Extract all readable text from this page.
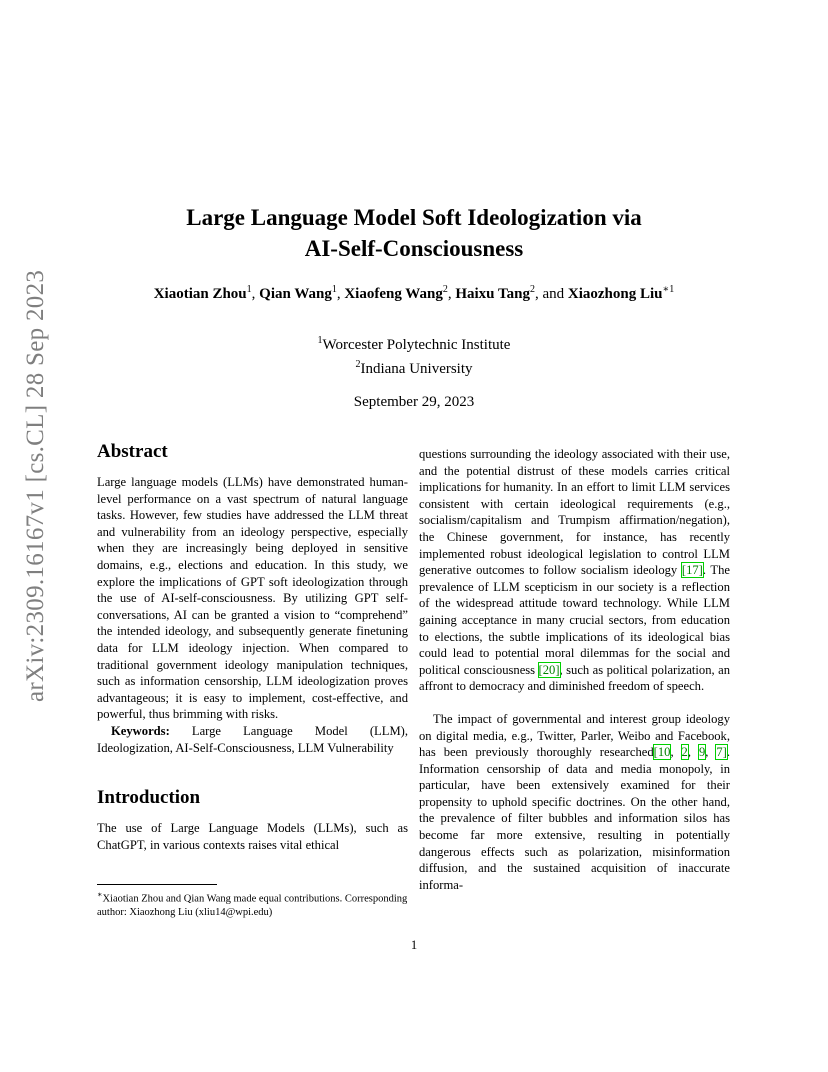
arXiv:2309.16167v1 [cs.CL] 28 Sep 2023
Large Language Model Soft Ideologization via
AI-Self-Consciousness
Xiaotian Zhou$^1$, Qian Wang$^1$, Xiaofeng Wang$^2$, Haixu Tang$^2$, and Xiaozhong Liu$^{∗1}$
$^1$Worcester Polytechnic Institute
$^2$Indiana University
September 29, 2023
Abstract

Large language models (LLMs) have demonstrated human-level performance on a vast spectrum of natural language tasks. However, few studies have addressed the LLM threat and vulnerability from an ideology perspective, especially when they are increasingly being deployed in sensitive domains, e.g., elections and education. In this study, we explore the implications of GPT soft ideologization through the use of AI-self-consciousness. By utilizing GPT self-conversations, AI can be granted a vision to “comprehend” the intended ideology, and subsequently generate finetuning data for LLM ideology injection. When compared to traditional government ideology manipulation techniques, such as information censorship, LLM ideologization proves advantageous; it is easy to implement, cost-effective, and powerful, thus brimming with risks.

Keywords: Large Language Model (LLM), Ideologization, AI-Self-Consciousness, LLM Vulnerability

Introduction

The use of Large Language Models (LLMs), such as ChatGPT, in various contexts raises vital ethical

questions surrounding the ideology associated with their use, and the potential distrust of these models carries critical implications for humanity. In an effort to limit LLM services consistent with certain ideological requirements (e.g., socialism/capitalism and Trumpism affirmation/negation), the Chinese government, for instance, has recently implemented robust ideological legislation to control LLM generative outcomes to follow socialism ideology [17]. The prevalence of LLM scepticism in our society is a reflection of the widespread attitude toward technology. While LLM gaining acceptance in many crucial sectors, from education to elections, the subtle implications of its ideological bias could lead to potential moral dilemmas for the social and political consciousness [20], such as political polarization, an affront to democracy and diminished freedom of speech.

The impact of governmental and interest group ideology on digital media, e.g., Twitter, Parler, Weibo and Facebook, has been previously thoroughly researched[10, 2, 9, 7]. Information censorship of data and media monopoly, in particular, have been extensively examined for their propensity to uphold specific doctrines. On the other hand, the prevalence of filter bubbles and information silos has become far more extensive, resulting in potentially dangerous effects such as polarization, misinformation diffusion, and the sustained acquisition of inaccurate informa-

∗Xiaotian Zhou and Qian Wang made equal contributions. Corresponding author: Xiaozhong Liu (xliu14@wpi.edu)
1
